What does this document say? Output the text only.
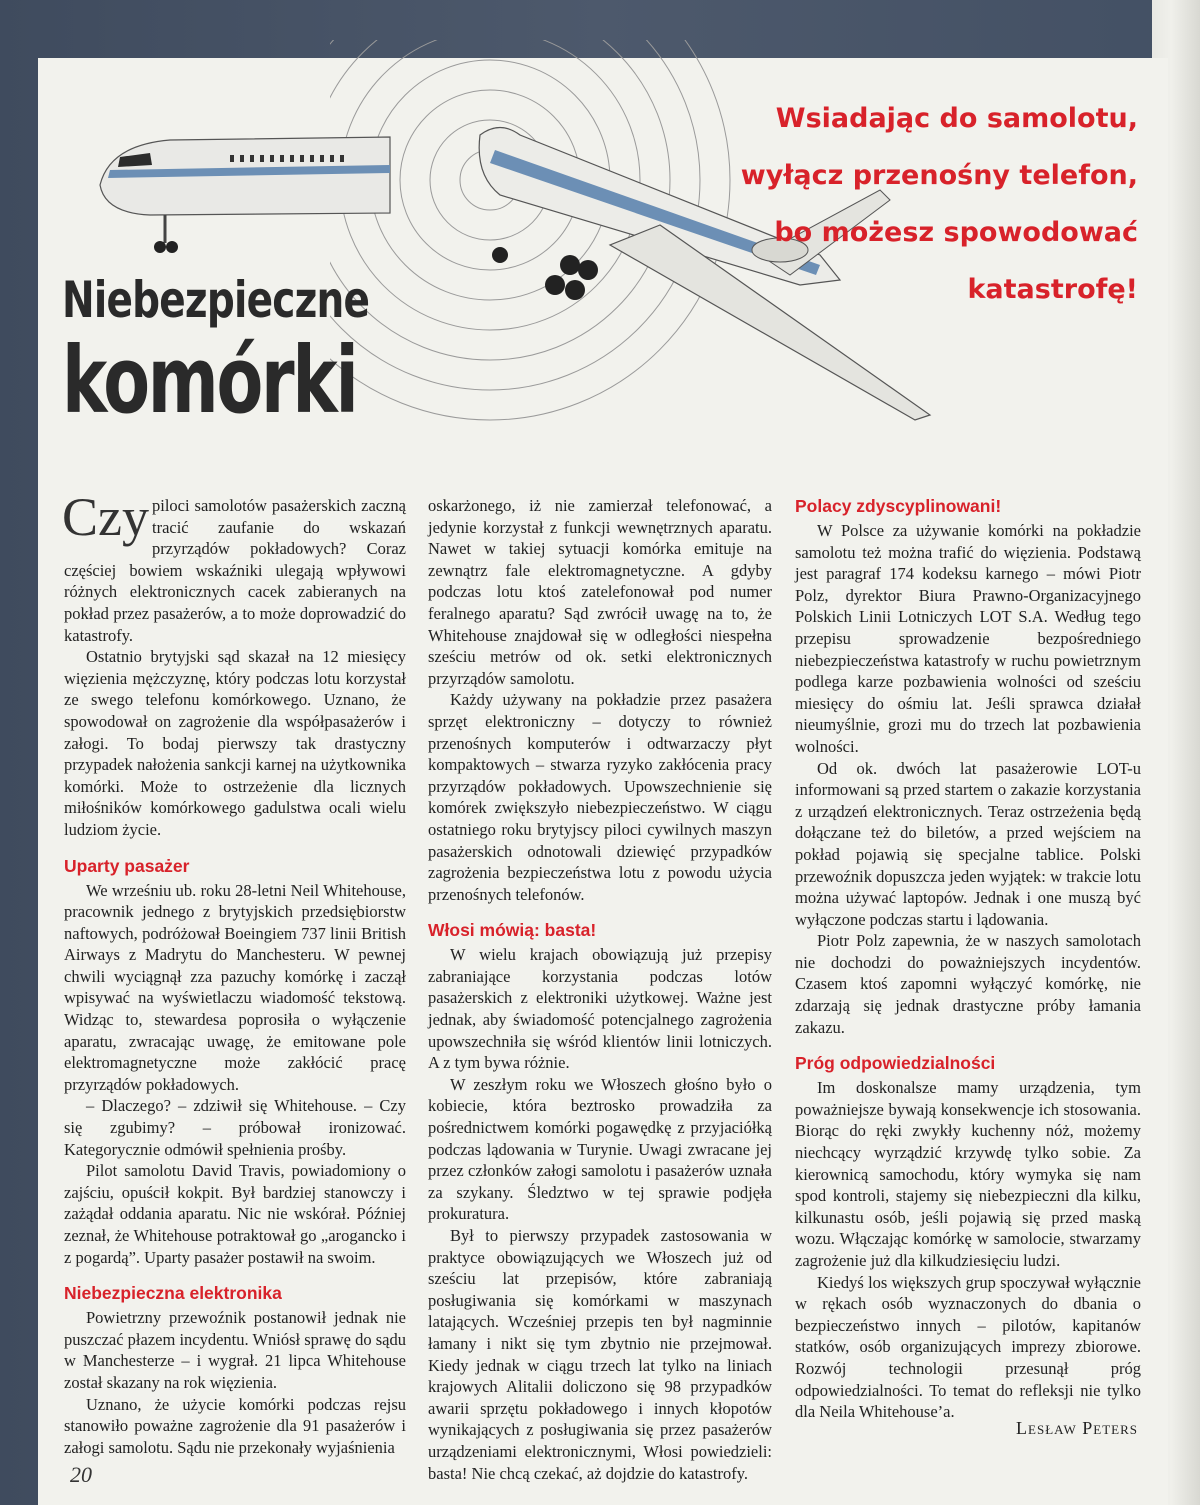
Niebezpieczne
komórki
Wsiadając do samolotu,
wyłącz przenośny telefon,
bo możesz spowodować
katastrofę!

Czy piloci samolotów pasażerskich zaczną tracić zaufanie do wskazań przyrządów pokładowych? Coraz częściej bowiem wskaźniki ulegają wpływowi różnych elektronicznych cacek zabieranych na pokład przez pasażerów, a to może doprowadzić do katastrofy.

Ostatnio brytyjski sąd skazał na 12 miesięcy więzienia mężczyznę, który podczas lotu korzystał ze swego telefonu komórkowego. Uznano, że spowodował on zagrożenie dla współpasażerów i załogi. To bodaj pierwszy tak drastyczny przypadek nałożenia sankcji karnej na użytkownika komórki. Może to ostrzeżenie dla licznych miłośników komórkowego gadulstwa ocali wielu ludziom życie.

Uparty pasażer

We wrześniu ub. roku 28-letni Neil Whitehouse, pracownik jednego z brytyjskich przedsiębiorstw naftowych, podróżował Boeingiem 737 linii British Airways z Madrytu do Manchesteru. W pewnej chwili wyciągnął zza pazuchy komórkę i zaczął wpisywać na wyświetlaczu wiadomość tekstową. Widząc to, stewardesa poprosiła o wyłączenie aparatu, zwracając uwagę, że emitowane pole elektromagnetyczne może zakłócić pracę przyrządów pokładowych.

– Dlaczego? – zdziwił się Whitehouse. – Czy się zgubimy? – próbował ironizować. Kategorycznie odmówił spełnienia prośby.

Pilot samolotu David Travis, powiadomiony o zajściu, opuścił kokpit. Był bardziej stanowczy i zażądał oddania aparatu. Nic nie wskórał. Później zeznał, że Whitehouse potraktował go „arogancko i z pogardą”. Uparty pasażer postawił na swoim.

Niebezpieczna elektronika

Powietrzny przewoźnik postanowił jednak nie puszczać płazem incydentu. Wniósł sprawę do sądu w Manchesterze – i wygrał. 21 lipca Whitehouse został skazany na rok więzienia.

Uznano, że użycie komórki podczas rejsu stanowiło poważne zagrożenie dla 91 pasażerów i załogi samolotu. Sądu nie przekonały wyjaśnienia

oskarżonego, iż nie zamierzał telefonować, a jedynie korzystał z funkcji wewnętrznych aparatu. Nawet w takiej sytuacji komórka emituje na zewnątrz fale elektromagnetyczne. A gdyby podczas lotu ktoś zatelefonował pod numer feralnego aparatu? Sąd zwrócił uwagę na to, że Whitehouse znajdował się w odległości niespełna sześciu metrów od ok. setki elektronicznych przyrządów samolotu.

Każdy używany na pokładzie przez pasażera sprzęt elektroniczny – dotyczy to również przenośnych komputerów i odtwarzaczy płyt kompaktowych – stwarza ryzyko zakłócenia pracy przyrządów pokładowych. Upowszechnienie się komórek zwiększyło niebezpieczeństwo. W ciągu ostatniego roku brytyjscy piloci cywilnych maszyn pasażerskich odnotowali dziewięć przypadków zagrożenia bezpieczeństwa lotu z powodu użycia przenośnych telefonów.

Włosi mówią: basta!

W wielu krajach obowiązują już przepisy zabraniające korzystania podczas lotów pasażerskich z elektroniki użytkowej. Ważne jest jednak, aby świadomość potencjalnego zagrożenia upowszechniła się wśród klientów linii lotniczych. A z tym bywa różnie.

W zeszłym roku we Włoszech głośno było o kobiecie, która beztrosko prowadziła za pośrednictwem komórki pogawędkę z przyjaciółką podczas lądowania w Turynie. Uwagi zwracane jej przez członków załogi samolotu i pasażerów uznała za szykany. Śledztwo w tej sprawie podjęła prokuratura.

Był to pierwszy przypadek zastosowania w praktyce obowiązujących we Włoszech już od sześciu lat przepisów, które zabraniają posługiwania się komórkami w maszynach latających. Wcześniej przepis ten był nagminnie łamany i nikt się tym zbytnio nie przejmował. Kiedy jednak w ciągu trzech lat tylko na liniach krajowych Alitalii doliczono się 98 przypadków awarii sprzętu pokładowego i innych kłopotów wynikających z posługiwania się przez pasażerów urządzeniami elektronicznymi, Włosi powiedzieli: basta! Nie chcą czekać, aż dojdzie do katastrofy.

Polacy zdyscyplinowani!

W Polsce za używanie komórki na pokładzie samolotu też można trafić do więzienia. Podstawą jest paragraf 174 kodeksu karnego – mówi Piotr Polz, dyrektor Biura Prawno-Organizacyjnego Polskich Linii Lotniczych LOT S.A. Według tego przepisu sprowadzenie bezpośredniego niebezpieczeństwa katastrofy w ruchu powietrznym podlega karze pozbawienia wolności od sześciu miesięcy do ośmiu lat. Jeśli sprawca działał nieumyślnie, grozi mu do trzech lat pozbawienia wolności.

Od ok. dwóch lat pasażerowie LOT-u informowani są przed startem o zakazie korzystania z urządzeń elektronicznych. Teraz ostrzeżenia będą dołączane też do biletów, a przed wejściem na pokład pojawią się specjalne tablice. Polski przewoźnik dopuszcza jeden wyjątek: w trakcie lotu można używać laptopów. Jednak i one muszą być wyłączone podczas startu i lądowania.

Piotr Polz zapewnia, że w naszych samolotach nie dochodzi do poważniejszych incydentów. Czasem ktoś zapomni wyłączyć komórkę, nie zdarzają się jednak drastyczne próby łamania zakazu.

Próg odpowiedzialności

Im doskonalsze mamy urządzenia, tym poważniejsze bywają konsekwencje ich stosowania. Biorąc do ręki zwykły kuchenny nóż, możemy niechcący wyrządzić krzywdę tylko sobie. Za kierownicą samochodu, który wymyka się nam spod kontroli, stajemy się niebezpieczni dla kilku, kilkunastu osób, jeśli pojawią się przed maską wozu. Włączając komórkę w samolocie, stwarzamy zagrożenie już dla kilkudziesięciu ludzi.

Kiedyś los większych grup spoczywał wyłącznie w rękach osób wyznaczonych do dbania o bezpieczeństwo innych – pilotów, kapitanów statków, osób organizujących imprezy zbiorowe. Rozwój technologii przesunął próg odpowiedzialności. To temat do refleksji nie tylko dla Neila Whitehouse’a.

Lesław Peters
20
